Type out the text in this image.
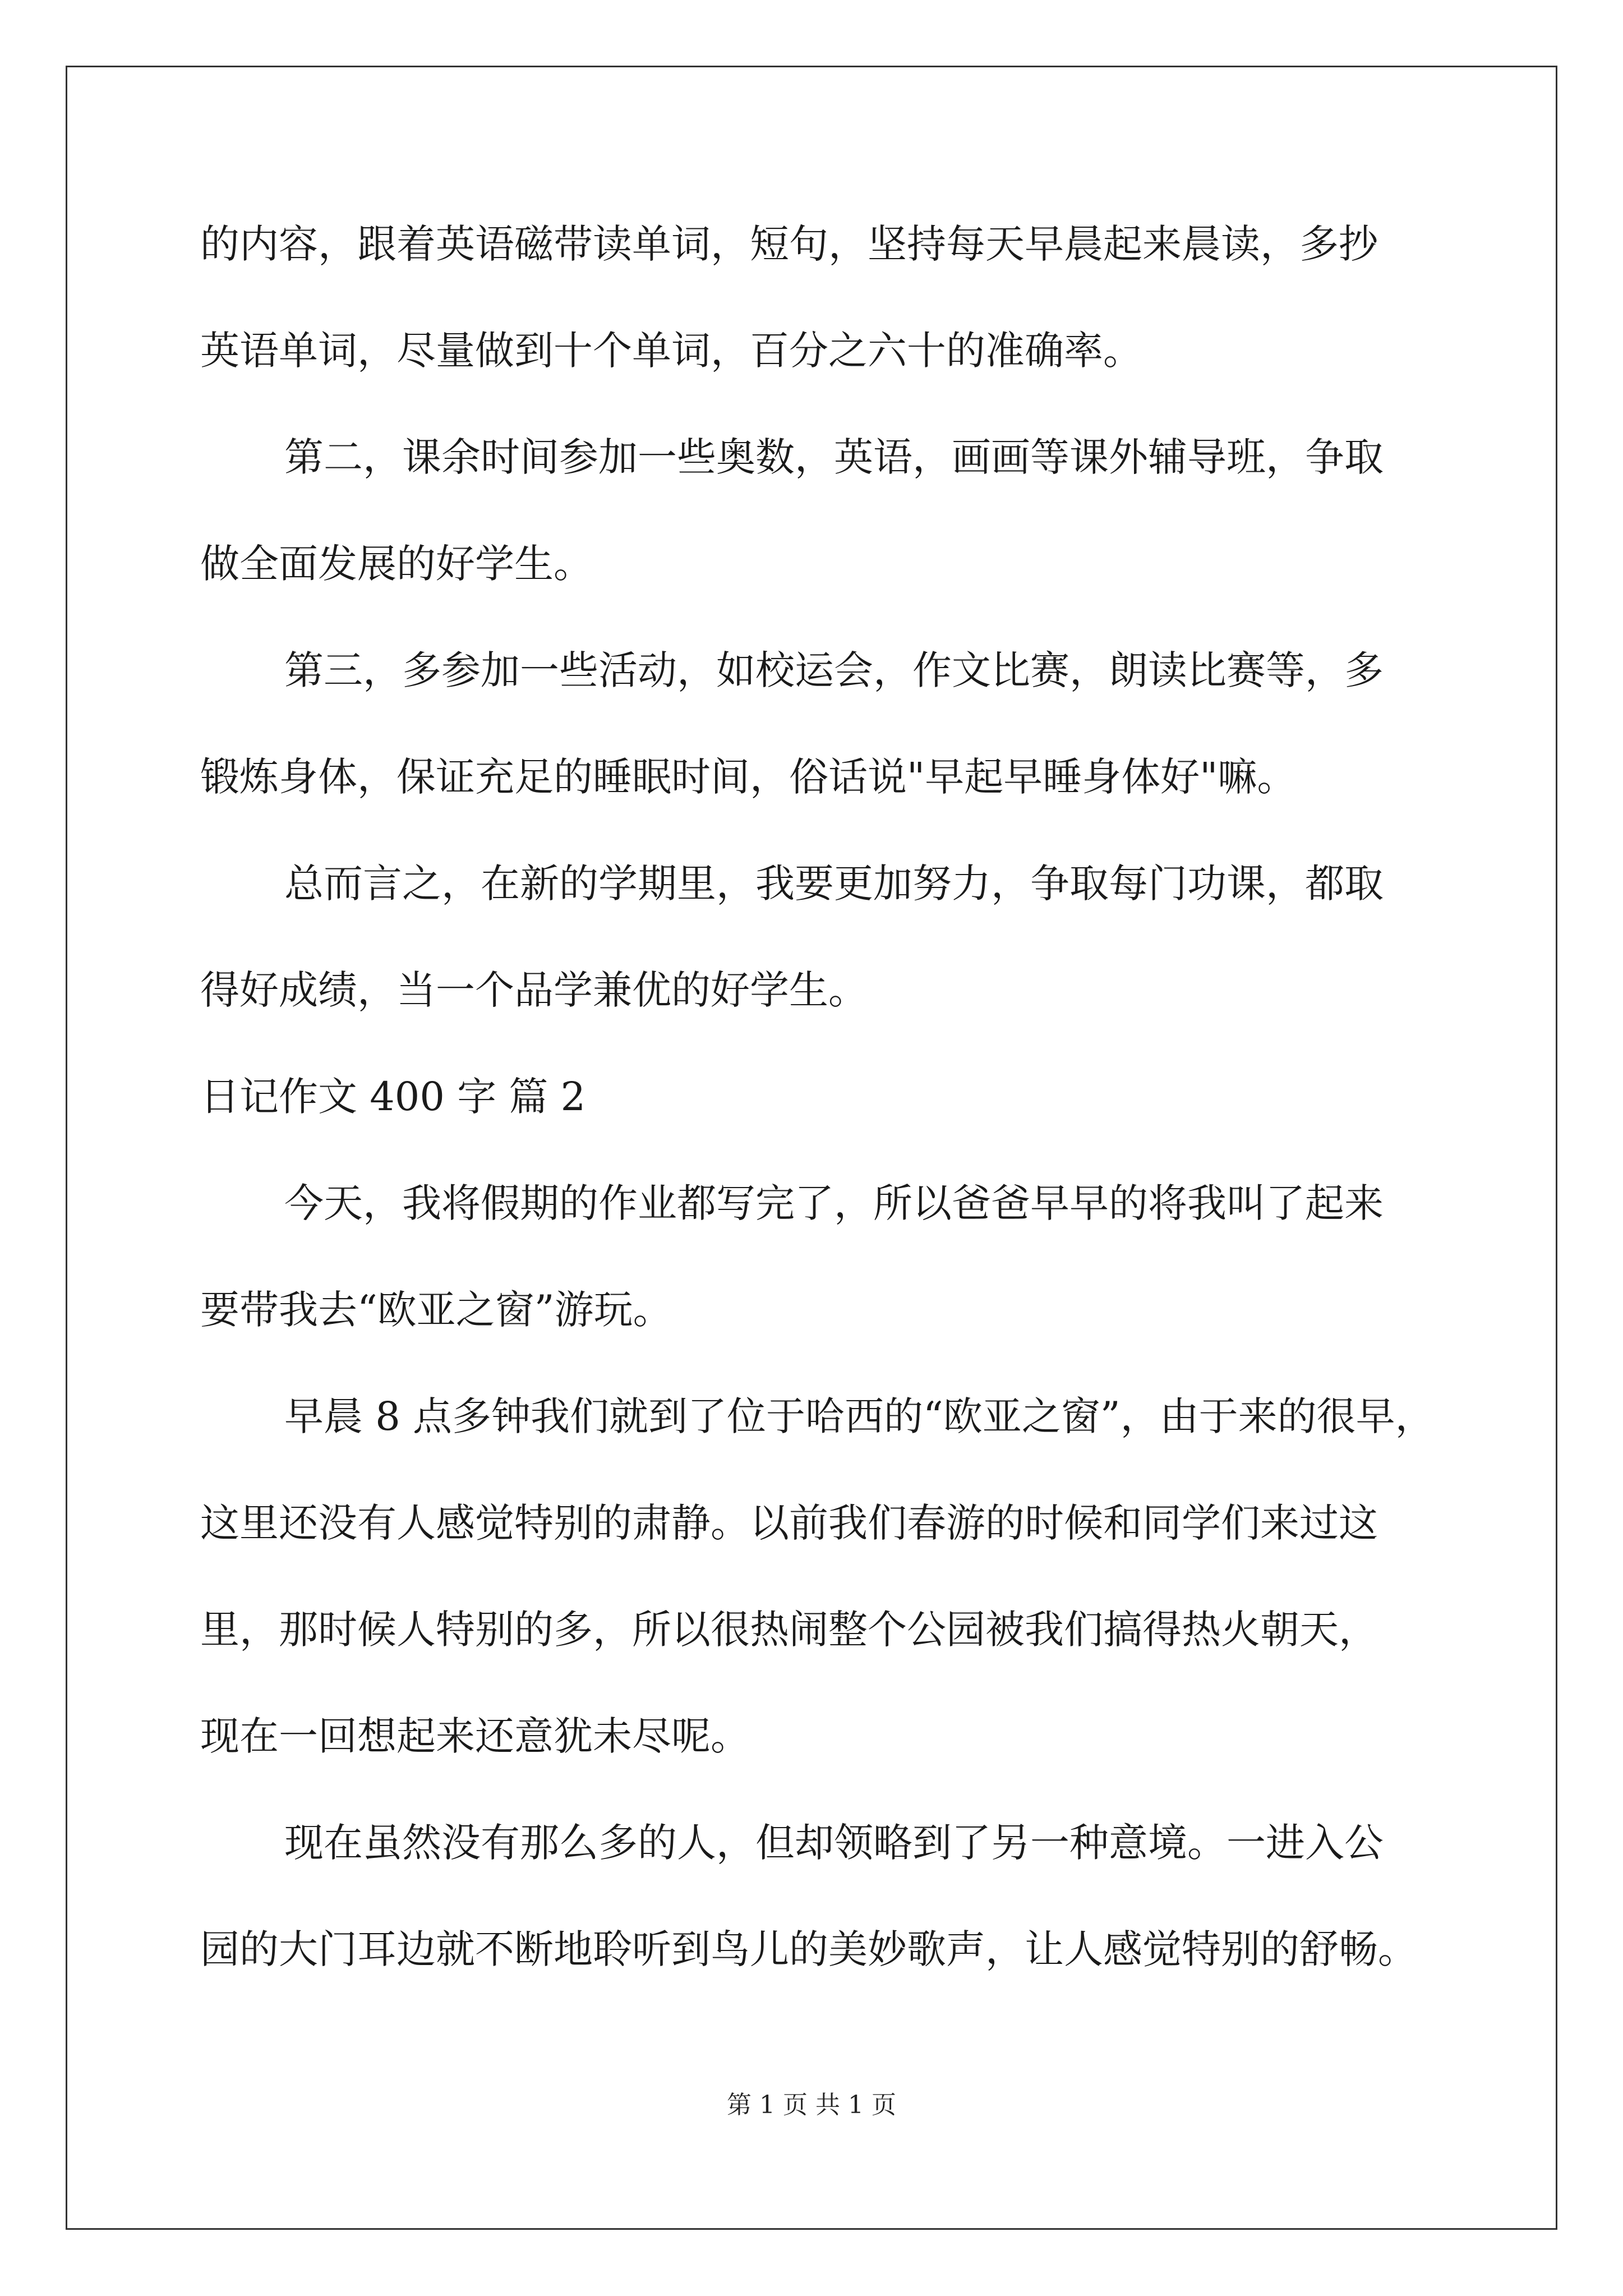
的内容，跟着英语磁带读单词，短句，坚持每天早晨起来晨读，多抄
英语单词，尽量做到十个单词，百分之六十的准确率。
第二，课余时间参加一些奥数，英语，画画等课外辅导班，争取
做全面发展的好学生。
第三，多参加一些活动，如校运会，作文比赛，朗读比赛等，多
锻炼身体，保证充足的睡眠时间，俗话说"早起早睡身体好"嘛。
总而言之，在新的学期里，我要更加努力，争取每门功课，都取
得好成绩，当一个品学兼优的好学生。
日记作文 400 字 篇 2
今天，我将假期的作业都写完了，所以爸爸早早的将我叫了起来
要带我去“欧亚之窗”游玩。
早晨 8 点多钟我们就到了位于哈西的“欧亚之窗”，由于来的很早，
这里还没有人感觉特别的肃静。以前我们春游的时候和同学们来过这
里，那时候人特别的多，所以很热闹整个公园被我们搞得热火朝天，
现在一回想起来还意犹未尽呢。
现在虽然没有那么多的人，但却领略到了另一种意境。一进入公
园的大门耳边就不断地聆听到鸟儿的美妙歌声，让人感觉特别的舒畅。
第 1 页 共 1 页
